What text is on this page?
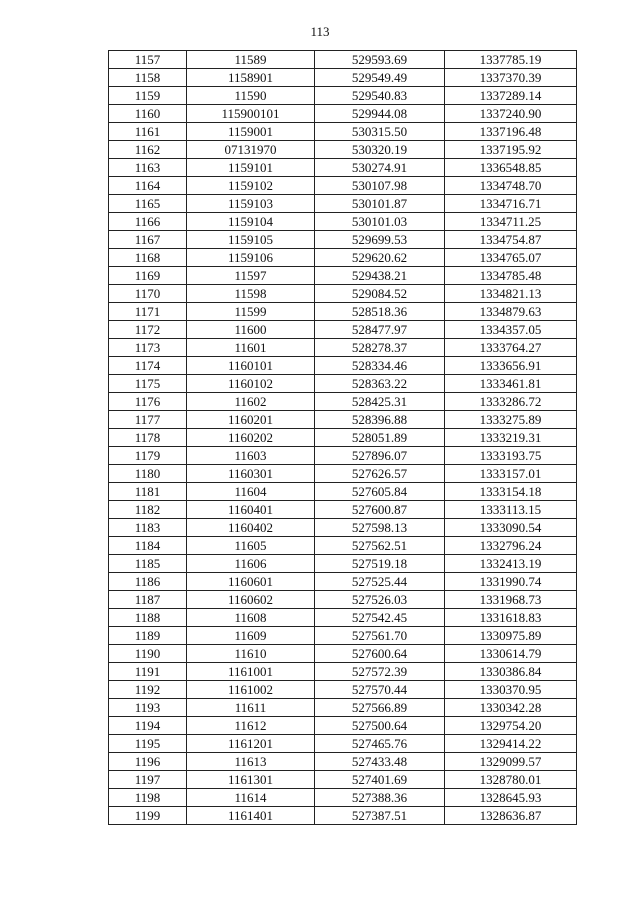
113
1157	11589	529593.69	1337785.19
1158	1158901	529549.49	1337370.39
1159	11590	529540.83	1337289.14
1160	115900101	529944.08	1337240.90
1161	1159001	530315.50	1337196.48
1162	07131970	530320.19	1337195.92
1163	1159101	530274.91	1336548.85
1164	1159102	530107.98	1334748.70
1165	1159103	530101.87	1334716.71
1166	1159104	530101.03	1334711.25
1167	1159105	529699.53	1334754.87
1168	1159106	529620.62	1334765.07
1169	11597	529438.21	1334785.48
1170	11598	529084.52	1334821.13
1171	11599	528518.36	1334879.63
1172	11600	528477.97	1334357.05
1173	11601	528278.37	1333764.27
1174	1160101	528334.46	1333656.91
1175	1160102	528363.22	1333461.81
1176	11602	528425.31	1333286.72
1177	1160201	528396.88	1333275.89
1178	1160202	528051.89	1333219.31
1179	11603	527896.07	1333193.75
1180	1160301	527626.57	1333157.01
1181	11604	527605.84	1333154.18
1182	1160401	527600.87	1333113.15
1183	1160402	527598.13	1333090.54
1184	11605	527562.51	1332796.24
1185	11606	527519.18	1332413.19
1186	1160601	527525.44	1331990.74
1187	1160602	527526.03	1331968.73
1188	11608	527542.45	1331618.83
1189	11609	527561.70	1330975.89
1190	11610	527600.64	1330614.79
1191	1161001	527572.39	1330386.84
1192	1161002	527570.44	1330370.95
1193	11611	527566.89	1330342.28
1194	11612	527500.64	1329754.20
1195	1161201	527465.76	1329414.22
1196	11613	527433.48	1329099.57
1197	1161301	527401.69	1328780.01
1198	11614	527388.36	1328645.93
1199	1161401	527387.51	1328636.87
